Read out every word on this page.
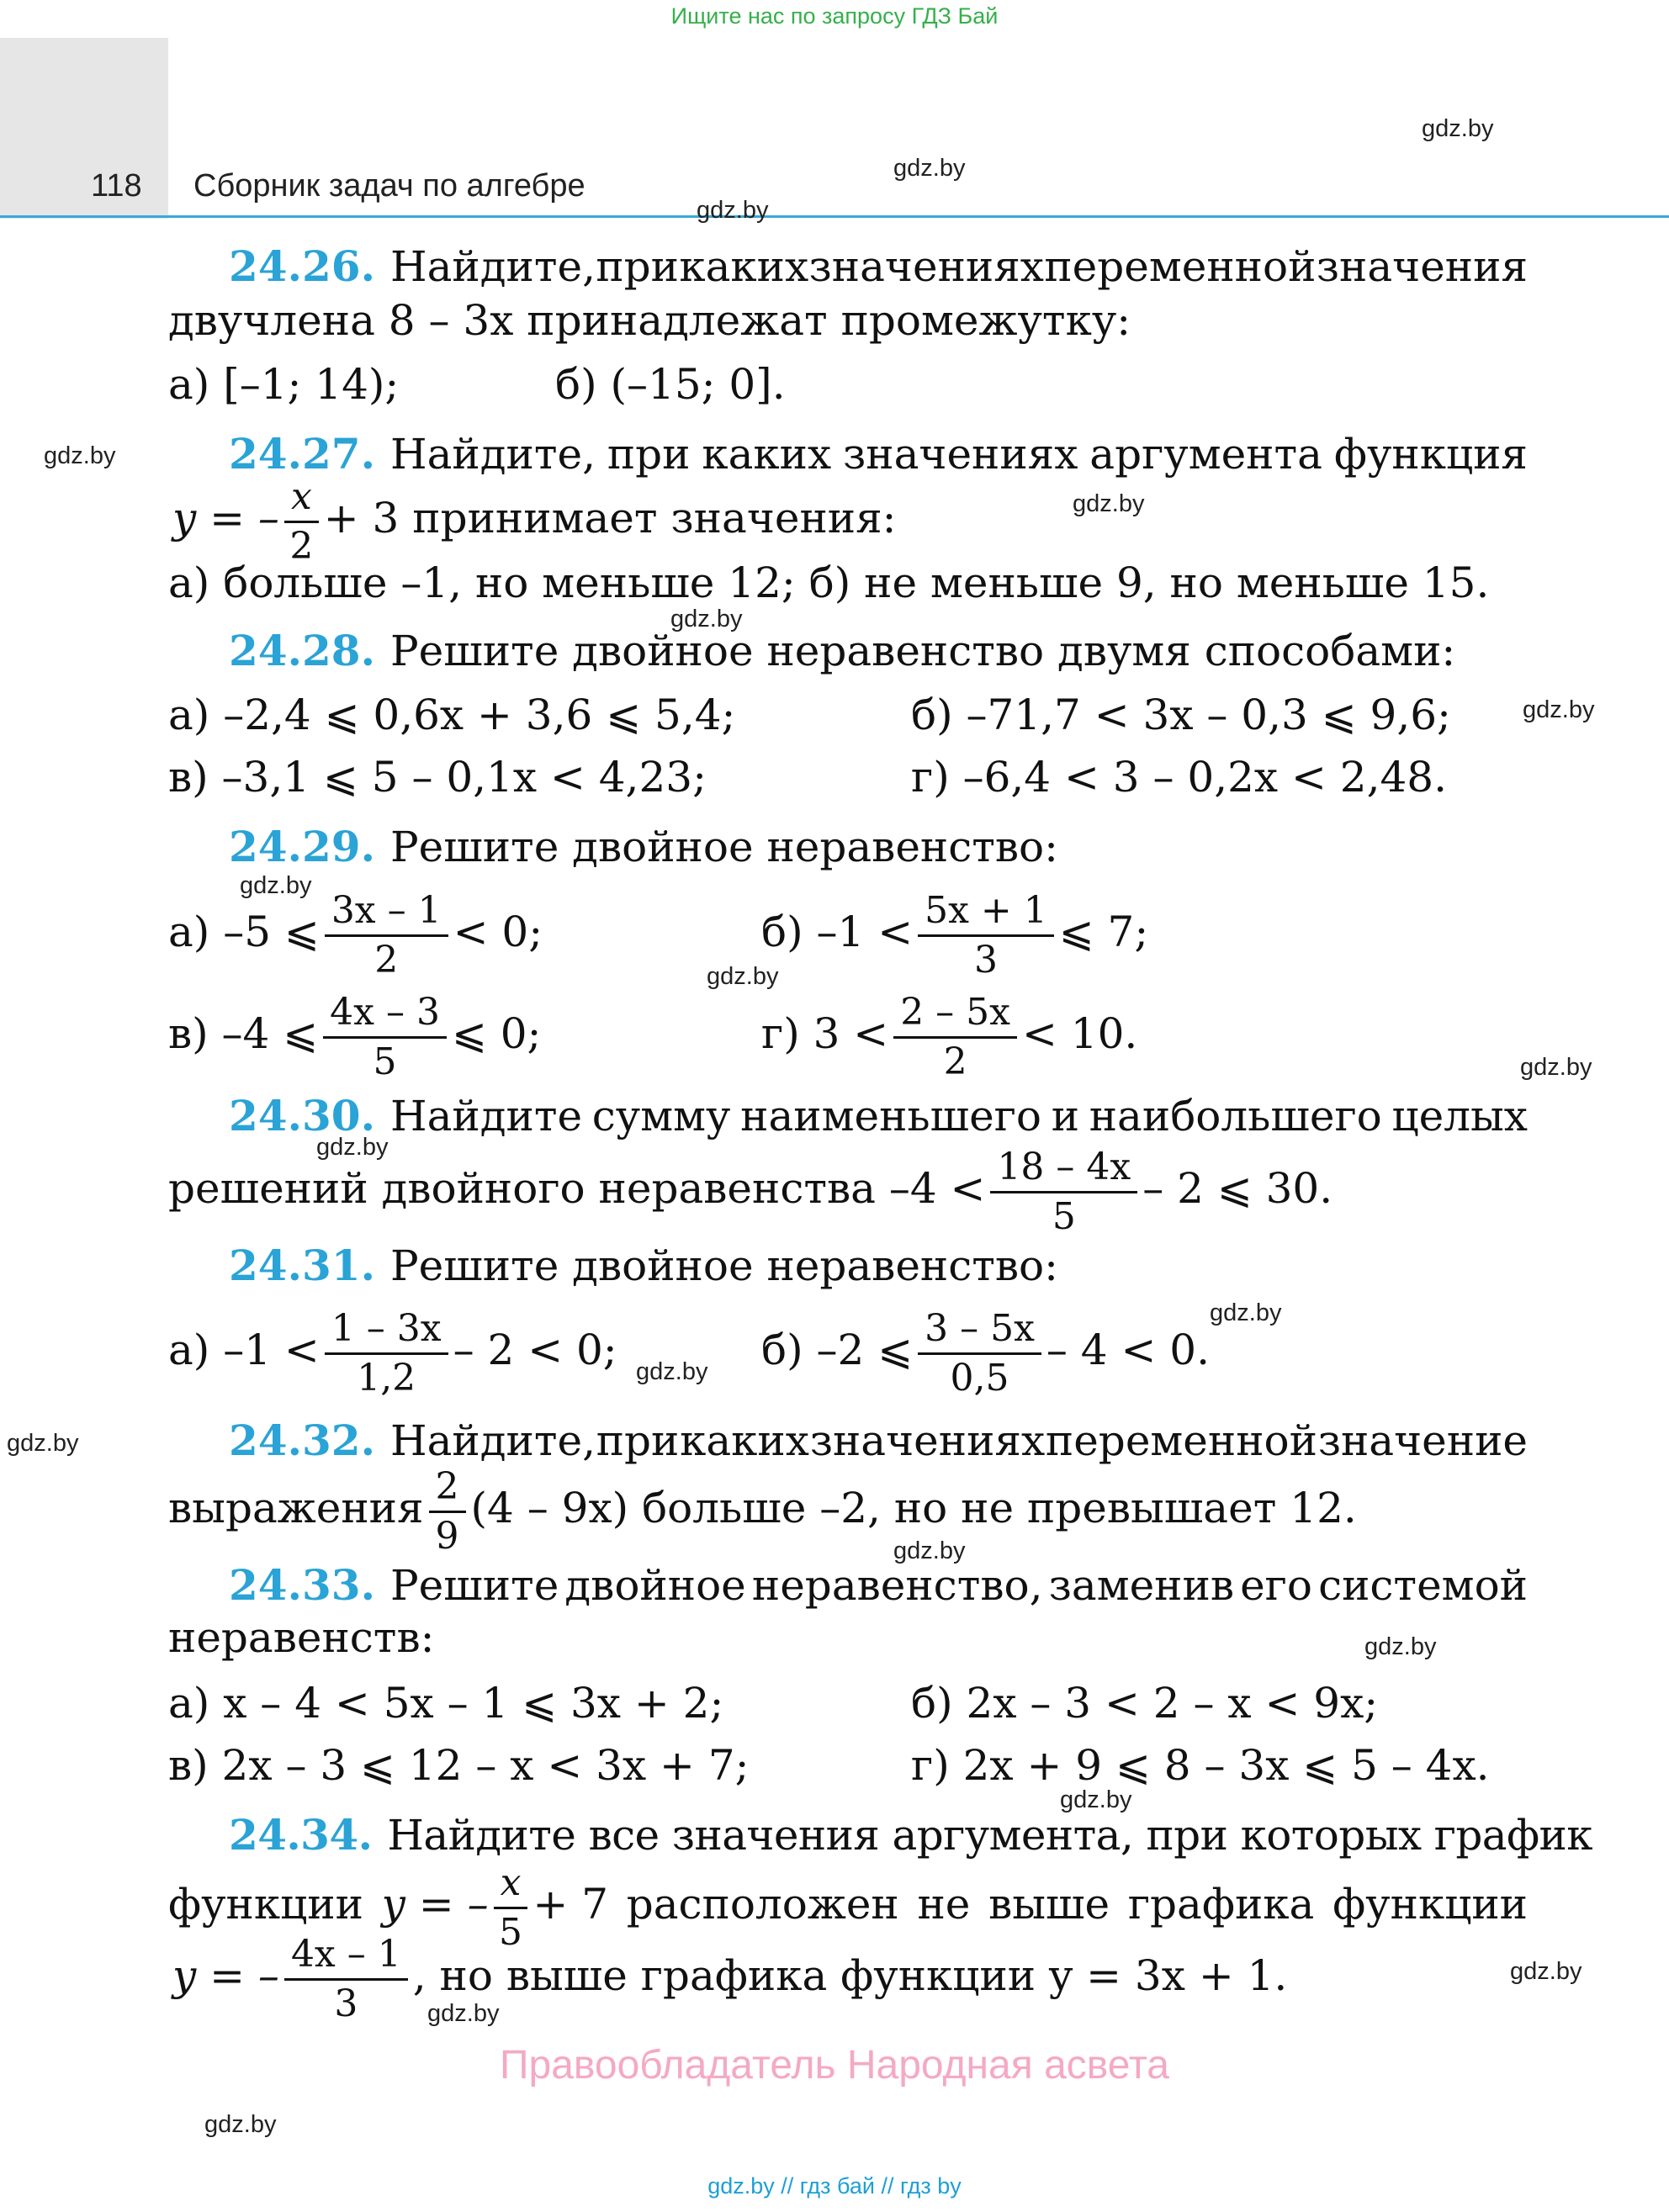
Ищите нас по запросу ГДЗ Бай
118 Сборник задач по алгебре
gdz.by
gdz.by
gdz.by
gdz.by
gdz.by
gdz.by
gdz.by
gdz.by
gdz.by
gdz.by
gdz.by
gdz.by
gdz.by
gdz.by
gdz.by
gdz.by
gdz.by
gdz.by
gdz.by
gdz.by
24.26. Найдите, при каких значениях переменной значения
двучлена 8 – 3x принадлежат промежутку:
а) [–1; 14);	б) (–15; 0].
24.27. Найдите, при каких значениях аргумента функция
y = – $\frac{x}{2} + 3$ принимает значения:
а) больше –1, но меньше 12; б) не меньше 9, но меньше 15.
24.28. Решите двойное неравенство двумя способами:
а) –2,4 ⩽ 0,6x + 3,6 ⩽ 5,4;	б) –71,7 < 3x – 0,3 ⩽ 9,6;
в) –3,1 ⩽ 5 – 0,1x < 4,23;	г) –6,4 < 3 – 0,2x < 2,48.
24.29. Решите двойное неравенство:
а) –5 ⩽ $\frac{3x - 1}{2} < 0$;	б) $-1 < \frac{5x + 1}{3}$ ⩽ 7;
в) –4 ⩽ $\frac{4x - 3}{5}$ ⩽ 0;	г) $3 < \frac{2 - 5x}{2} < 10$.
24.30. Найдите сумму наименьшего и наибольшего целых
решений двойного неравенства $-4 < \frac{18 - 4x}{5} - 2$ ⩽ 30.
24.31. Решите двойное неравенство:
а) $-1 < \frac{1 - 3x}{1,2} - 2 < 0$;	б) –2 ⩽ $\frac{3 - 5x}{0,5} - 4 < 0$.
24.32. Найдите, при каких значениях переменной значение
выражения $\frac{2}{9} (4 - 9x)$ больше –2, но не превышает 12.
24.33. Решите двойное неравенство, заменив его системой
неравенств:
а) x – 4 < 5x – 1 ⩽ 3x + 2;	б) 2x – 3 < 2 – x < 9x;
в) 2x – 3 ⩽ 12 – x < 3x + 7;	г) 2x + 9 ⩽ 8 – 3x ⩽ 5 – 4x.
24.34. Найдите все значения аргумента, при которых график
функции y = – $\frac{x}{5} + 7$ расположен не выше графика функции
y = – $\frac{4x - 1}{3}$ , но выше графика функции y = 3x + 1.
Правообладатель Народная асвета
gdz.by // гдз бай // гдз by
